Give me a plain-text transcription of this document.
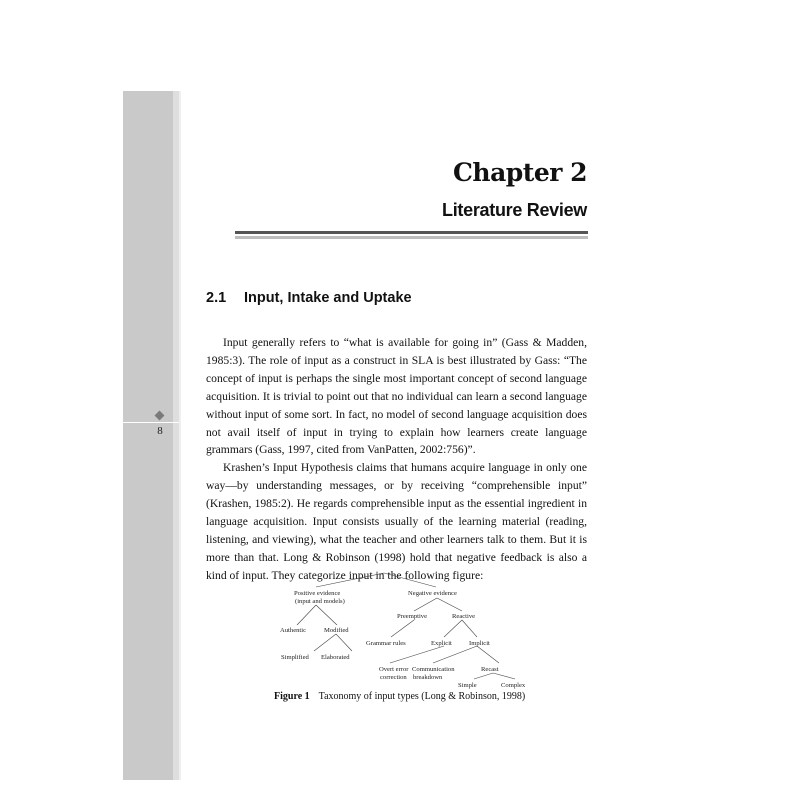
8
Chapter 2
Literature Review
2.1 Input, Intake and Uptake

Input generally refers to “what is available for going in” (Gass & Madden, 1985:3). The role of input as a construct in SLA is best illustrated by Gass: “The concept of input is perhaps the single most important concept of second language acquisition. It is trivial to point out that no individual can learn a second language without input of some sort. In fact, no model of second language acquisition does not avail itself of input in trying to explain how learners create language grammars (Gass, 1997, cited from VanPatten, 2002:756)”.

Krashen’s Input Hypothesis claims that humans acquire language in only one way—by understanding messages, or by receiving “comprehensible input” (Krashen, 1985:2). He regards comprehensible input as the essential ingredient in language acquisition. Input consists usually of the learning material (reading, listening, and viewing), what the teacher and other learners talk to them. But it is more than that. Long & Robinson (1998) hold that negative feedback is also a kind of input. They categorize input in the following figure:

Positive evidence
(input and models)
Negative evidence
Authentic	Modified
Preemptive	Reactive
Simplified Elaborated
Grammar rules	Explicit	Implicit
Overt error
correction
Communication
breakdown
Recast
Simple	Complex
Figure 1 Taxonomy of input types (Long & Robinson, 1998)
